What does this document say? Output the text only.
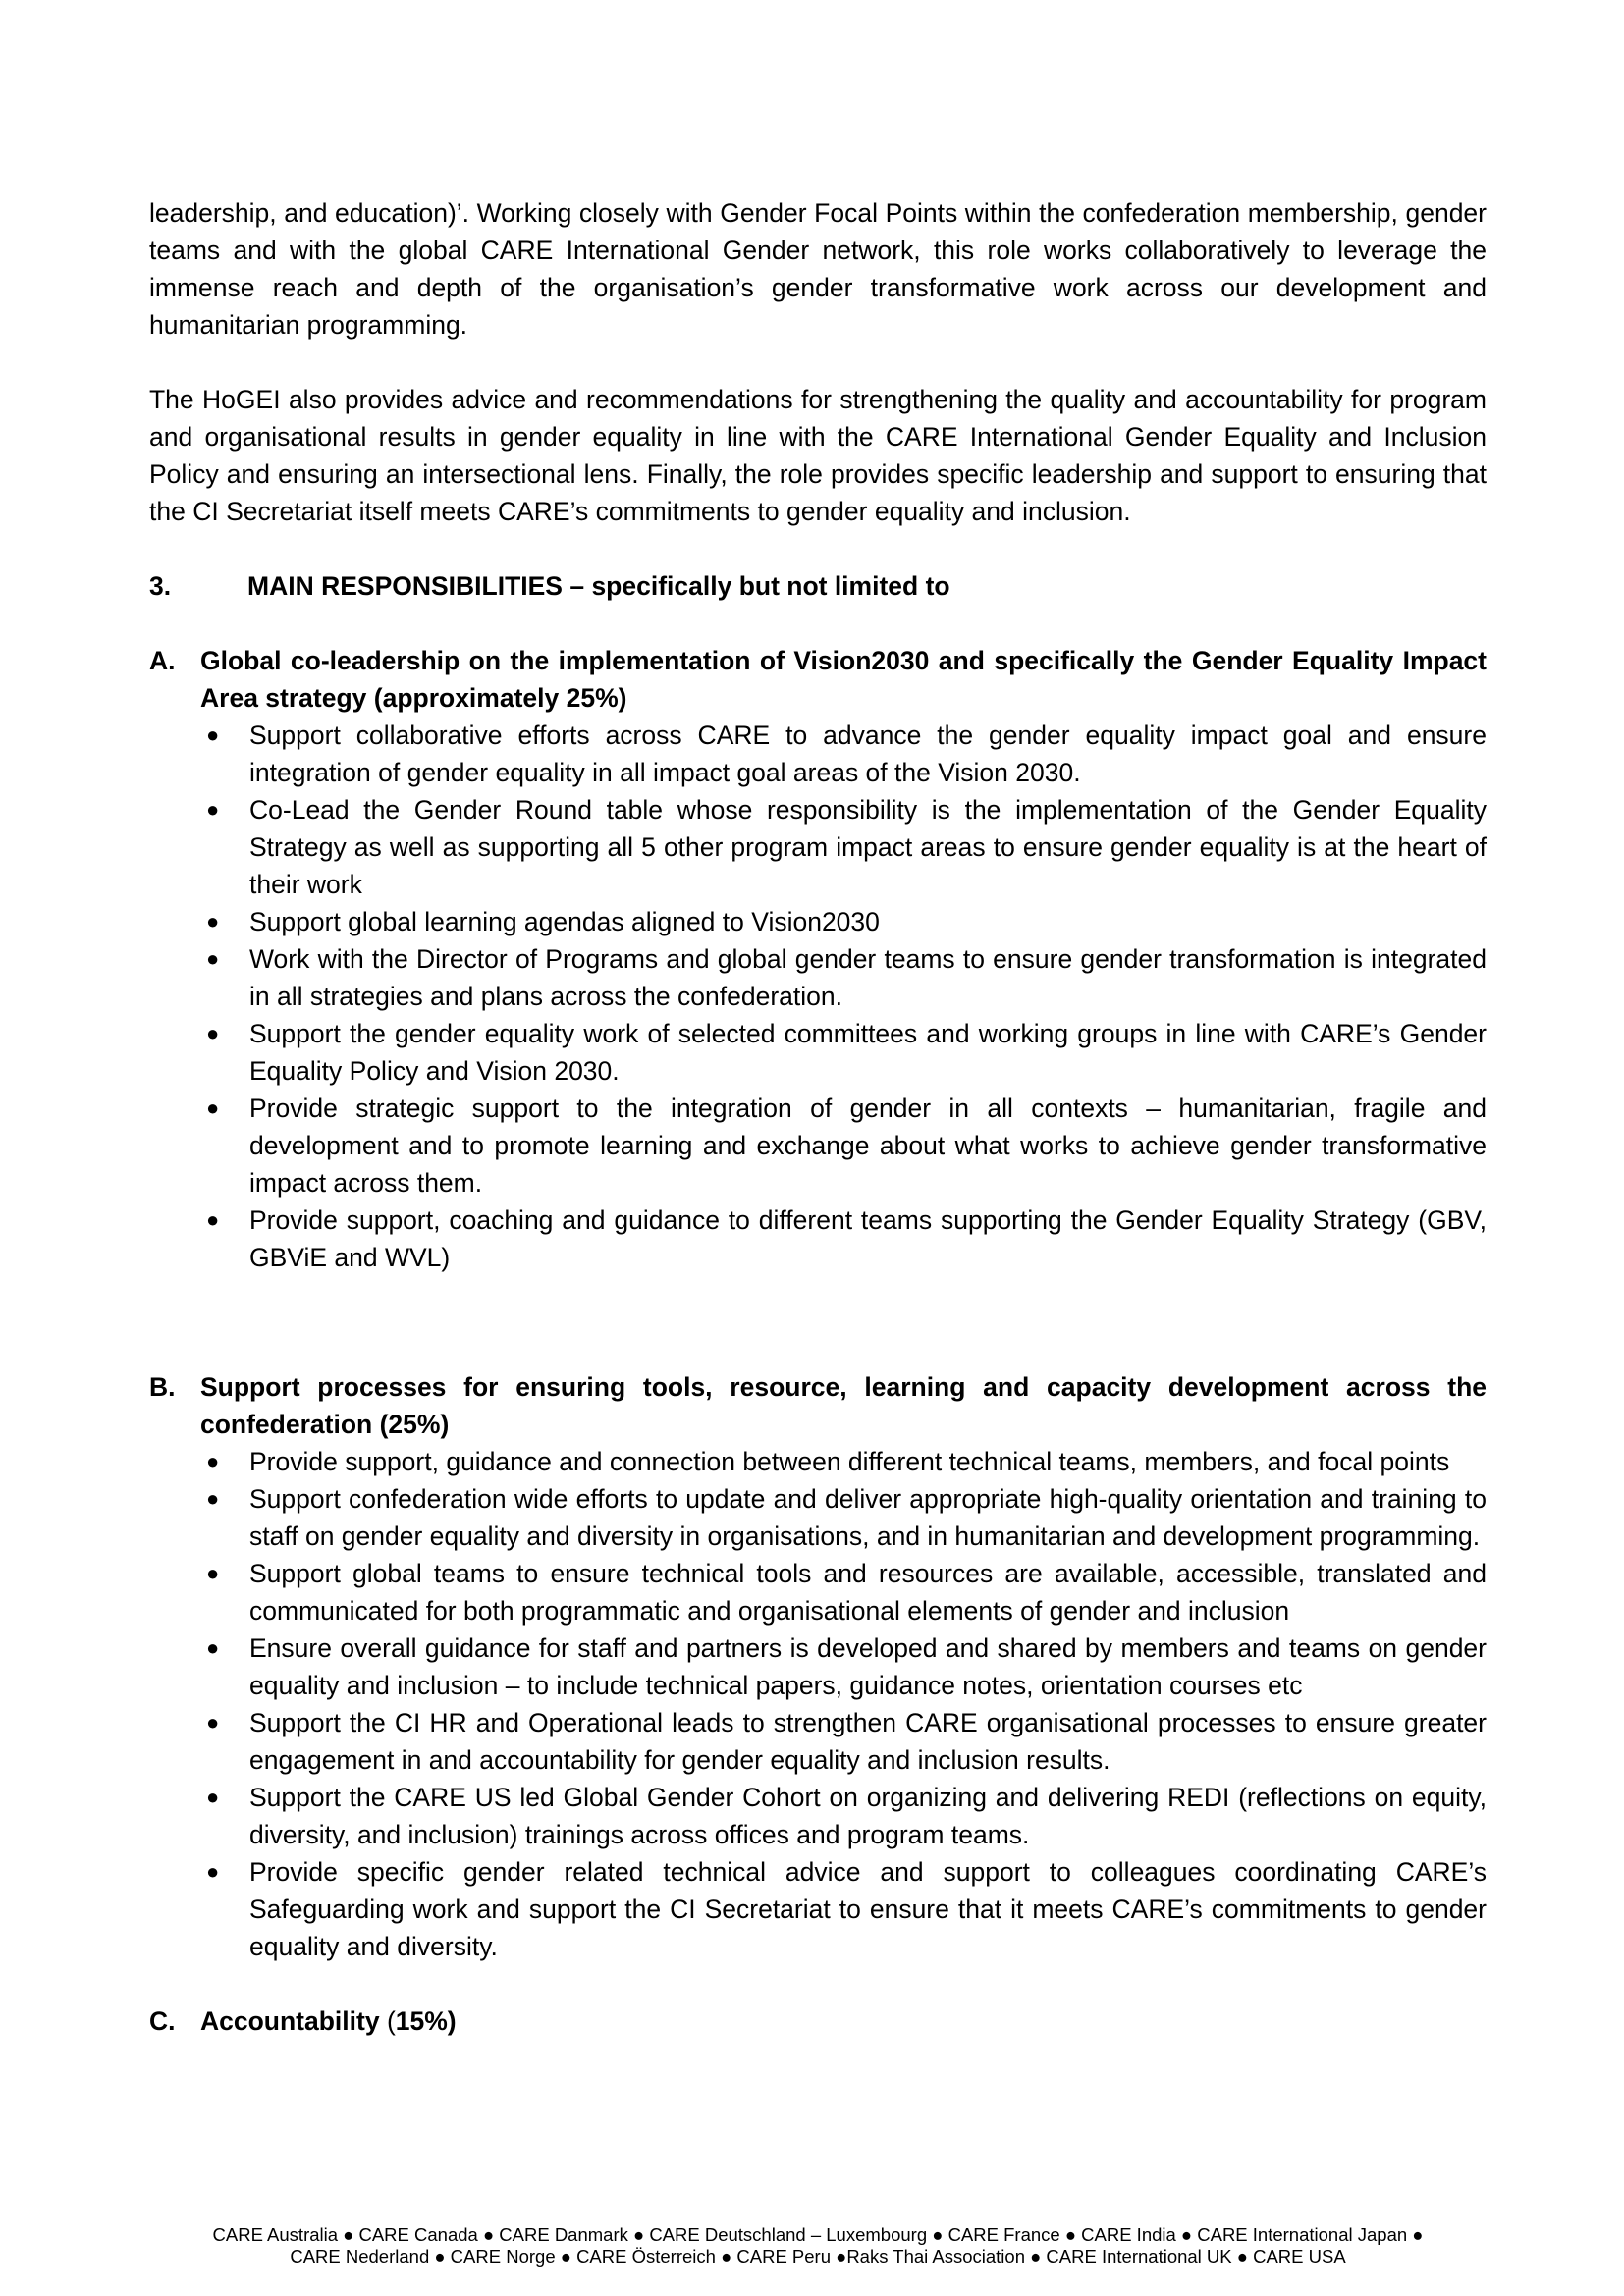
leadership, and education)’. Working closely with Gender Focal Points within the confederation membership, gender teams and with the global CARE International Gender network, this role works collaboratively to leverage the immense reach and depth of the organisation’s gender transformative work across our development and humanitarian programming.

The HoGEI also provides advice and recommendations for strengthening the quality and accountability for program and organisational results in gender equality in line with the CARE International Gender Equality and Inclusion Policy and ensuring an intersectional lens. Finally, the role provides specific leadership and support to ensuring that the CI Secretariat itself meets CARE’s commitments to gender equality and inclusion.

3.	MAIN RESPONSIBILITIES – specifically but not limited to
A. Global co-leadership on the implementation of Vision2030 and specifically the Gender Equality Impact Area strategy (approximately 25%)
●	Support collaborative efforts across CARE to advance the gender equality impact goal and ensure integration of gender equality in all impact goal areas of the Vision 2030.
●	Co-Lead the Gender Round table whose responsibility is the implementation of the Gender Equality Strategy as well as supporting all 5 other program impact areas to ensure gender equality is at the heart of their work
●	Support global learning agendas aligned to Vision2030
●	Work with the Director of Programs and global gender teams to ensure gender transformation is integrated in all strategies and plans across the confederation.
●	Support the gender equality work of selected committees and working groups in line with CARE’s Gender Equality Policy and Vision 2030.
●	Provide strategic support to the integration of gender in all contexts – humanitarian, fragile and development and to promote learning and exchange about what works to achieve gender transformative impact across them.
●	Provide support, coaching and guidance to different teams supporting the Gender Equality Strategy (GBV, GBViE and WVL)
B. Support processes for ensuring tools, resource, learning and capacity development across the confederation (25%)
●	Provide support, guidance and connection between different technical teams, members, and focal points
●	Support confederation wide efforts to update and deliver appropriate high-quality orientation and training to staff on gender equality and diversity in organisations, and in humanitarian and development programming.
●	Support global teams to ensure technical tools and resources are available, accessible, translated and communicated for both programmatic and organisational elements of gender and inclusion
●	Ensure overall guidance for staff and partners is developed and shared by members and teams on gender equality and inclusion – to include technical papers, guidance notes, orientation courses etc
●	Support the CI HR and Operational leads to strengthen CARE organisational processes to ensure greater engagement in and accountability for gender equality and inclusion results.
●	Support the CARE US led Global Gender Cohort on organizing and delivering REDI (reflections on equity, diversity, and inclusion) trainings across offices and program teams.
●	Provide specific gender related technical advice and support to colleagues coordinating CARE’s Safeguarding work and support the CI Secretariat to ensure that it meets CARE’s commitments to gender equality and diversity.
C. Accountability (15%)
CARE Australia ● CARE Canada ● CARE Danmark ● CARE Deutschland – Luxembourg ● CARE France ● CARE India ● CARE International Japan ●
CARE Nederland ● CARE Norge ● CARE Österreich ● CARE Peru ●Raks Thai Association ● CARE International UK ● CARE USA
